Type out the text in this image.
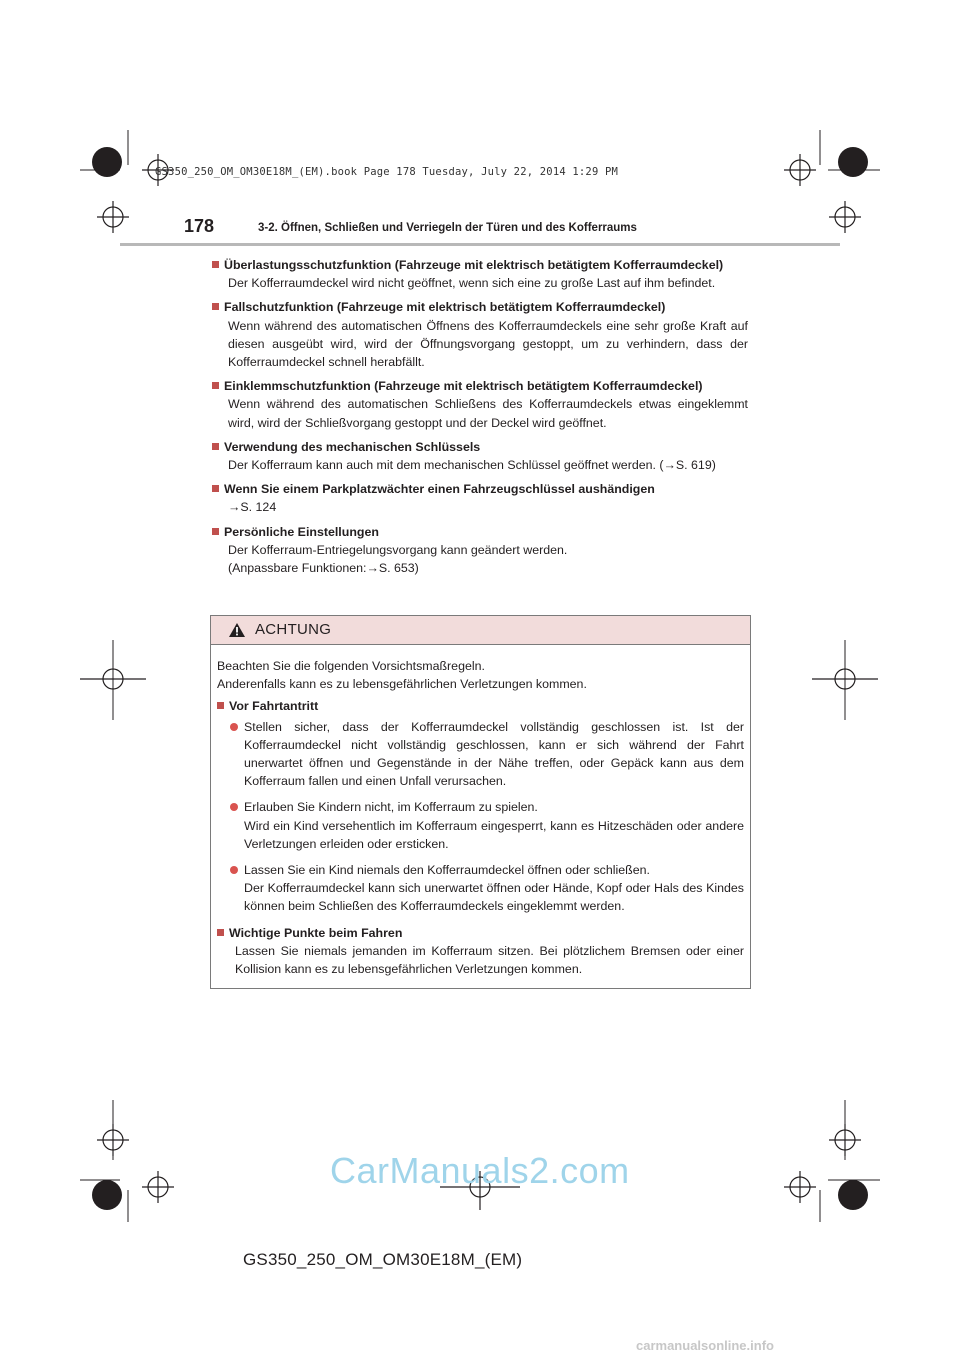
GS350_250_OM_OM30E18M_(EM).book Page 178 Tuesday, July 22, 2014 1:29 PM
178	3-2. Öffnen, Schließen und Verriegeln der Türen und des Kofferraums
Überlastungsschutzfunktion (Fahrzeuge mit elektrisch betätigtem Kofferraumdeckel)
Der Kofferraumdeckel wird nicht geöffnet, wenn sich eine zu große Last auf ihm befindet.
Fallschutzfunktion (Fahrzeuge mit elektrisch betätigtem Kofferraumdeckel)
Wenn während des automatischen Öffnens des Kofferraumdeckels eine sehr große Kraft auf diesen ausgeübt wird, wird der Öffnungsvorgang gestoppt, um zu verhindern, dass der Kofferraumdeckel schnell herabfällt.
Einklemmschutzfunktion (Fahrzeuge mit elektrisch betätigtem Kofferraumdeckel)
Wenn während des automatischen Schließens des Kofferraumdeckels etwas eingeklemmt wird, wird der Schließvorgang gestoppt und der Deckel wird geöffnet.
Verwendung des mechanischen Schlüssels
Der Kofferraum kann auch mit dem mechanischen Schlüssel geöffnet werden. (→S. 619)
Wenn Sie einem Parkplatzwächter einen Fahrzeugschlüssel aushändigen
→S. 124
Persönliche Einstellungen
Der Kofferraum-Entriegelungsvorgang kann geändert werden.
(Anpassbare Funktionen:→S. 653)
ACHTUNG
Beachten Sie die folgenden Vorsichtsmaßregeln.
Anderenfalls kann es zu lebensgefährlichen Verletzungen kommen.
Vor Fahrtantritt
Stellen sicher, dass der Kofferraumdeckel vollständig geschlossen ist. Ist der Kofferraumdeckel nicht vollständig geschlossen, kann er sich während der Fahrt unerwartet öffnen und Gegenstände in der Nähe treffen, oder Gepäck kann aus dem Kofferraum fallen und einen Unfall verursachen.
Erlauben Sie Kindern nicht, im Kofferraum zu spielen.
Wird ein Kind versehentlich im Kofferraum eingesperrt, kann es Hitzeschäden oder andere Verletzungen erleiden oder ersticken.
Lassen Sie ein Kind niemals den Kofferraumdeckel öffnen oder schließen.
Der Kofferraumdeckel kann sich unerwartet öffnen oder Hände, Kopf oder Hals des Kindes können beim Schließen des Kofferraumdeckels eingeklemmt werden.
Wichtige Punkte beim Fahren
Lassen Sie niemals jemanden im Kofferraum sitzen. Bei plötzlichem Bremsen oder einer Kollision kann es zu lebensgefährlichen Verletzungen kommen.
CarManuals2.com
GS350_250_OM_OM30E18M_(EM)
carmanualsonline.info
